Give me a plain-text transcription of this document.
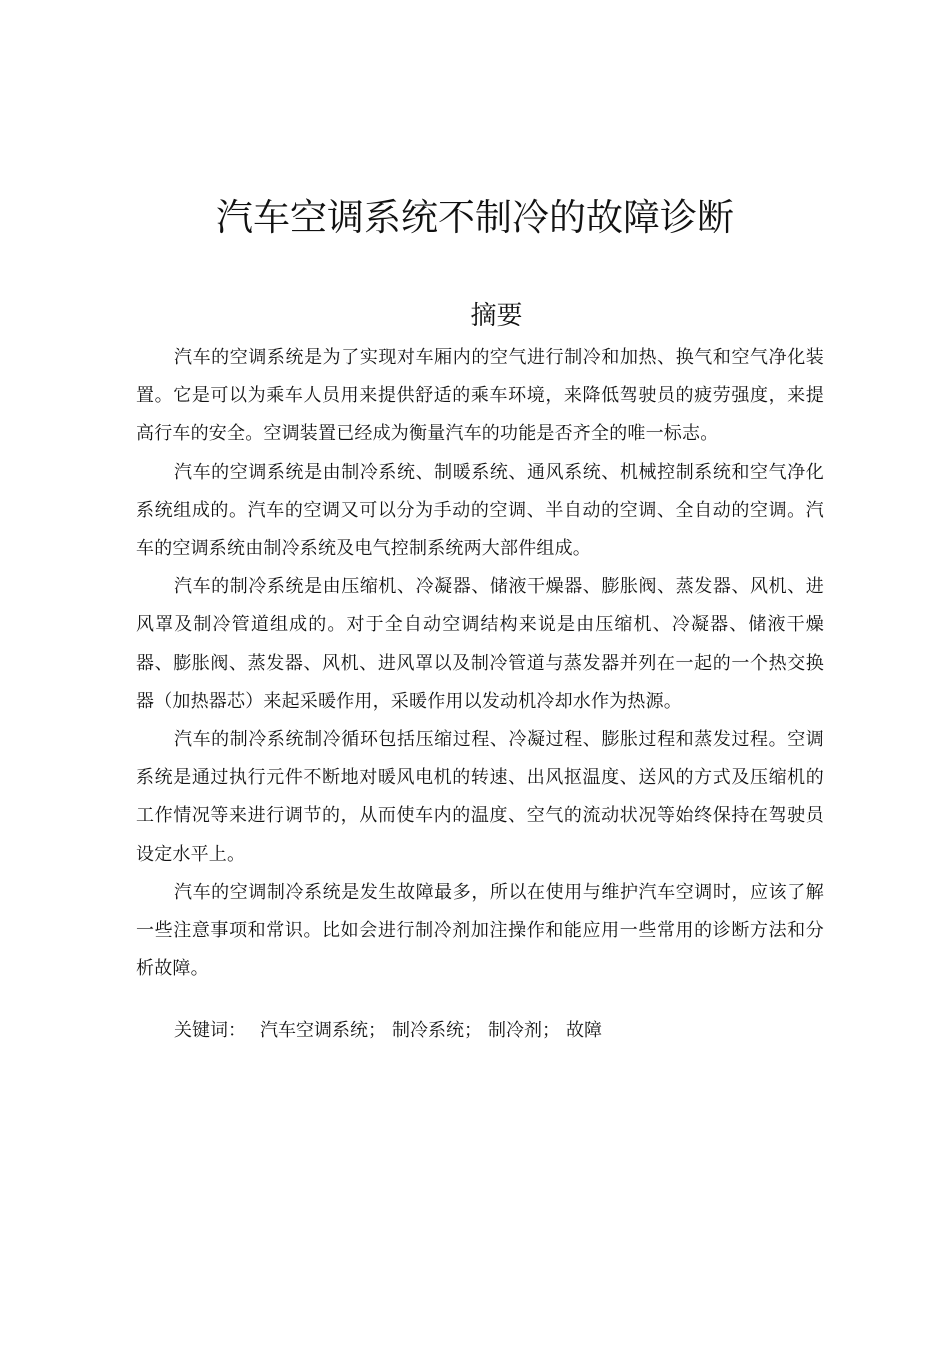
汽车空调系统不制冷的故障诊断
摘要

汽车的空调系统是为了实现对车厢内的空气进行制冷和加热、换气和空气净化装置。它是可以为乘车人员用来提供舒适的乘车环境，来降低驾驶员的疲劳强度，来提高行车的安全。空调装置已经成为衡量汽车的功能是否齐全的唯一标志。

汽车的空调系统是由制冷系统、制暖系统、通风系统、机械控制系统和空气净化系统组成的。汽车的空调又可以分为手动的空调、半自动的空调、全自动的空调。汽车的空调系统由制冷系统及电气控制系统两大部件组成。

汽车的制冷系统是由压缩机、冷凝器、储液干燥器、膨胀阀、蒸发器、风机、进风罩及制冷管道组成的。对于全自动空调结构来说是由压缩机、冷凝器、储液干燥器、膨胀阀、蒸发器、风机、进风罩以及制冷管道与蒸发器并列在一起的一个热交换器（加热器芯）来起采暖作用，采暖作用以发动机冷却水作为热源。

汽车的制冷系统制冷循环包括压缩过程、冷凝过程、膨胀过程和蒸发过程。空调系统是通过执行元件不断地对暖风电机的转速、出风抠温度、送风的方式及压缩机的工作情况等来进行调节的，从而使车内的温度、空气的流动状况等始终保持在驾驶员设定水平上。

汽车的空调制冷系统是发生故障最多，所以在使用与维护汽车空调时，应该了解一些注意事项和常识。比如会进行制冷剂加注操作和能应用一些常用的诊断方法和分析故障。

关键词： 汽车空调系统； 制冷系统； 制冷剂； 故障
